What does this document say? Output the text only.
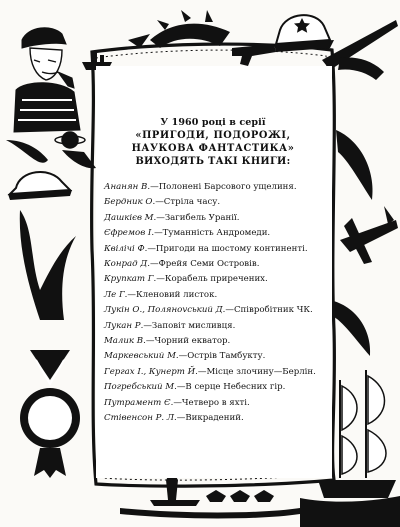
У 1960 році в серії
«ПРИГОДИ, ПОДОРОЖІ,
НАУКОВА ФАНТАСТИКА»
ВИХОДЯТЬ ТАКІ КНИГИ:
Ананян В.—Полонені Барсового ущелиня.
Бердник О.—Стріла часу.
Дашкієв М.—Загибель Уранії.
Єфремов І.—Туманність Андромеди.
Квілічі Ф.—Пригоди на шостому континенті.
Конрад Д.—Фрейя Семи Островів.
Крупкат Г.—Корабель приречених.
Ле Г.—Кленовий листок.
Лукін О., Полянovський Д.—Співробітник ЧК.
Лукан Р.—Заповіт мисливця.
Малик В.—Чорний екватор.
Маркевський М.—Острів Тамбукту.
Гергах І., Кунерт Й.—Місце злочину—Берлін.
Погребський М.—В серце Небесних гір.
Путрамент Є.—Четверо в яхті.
Стівенсон Р. Л.—Викрадений.
